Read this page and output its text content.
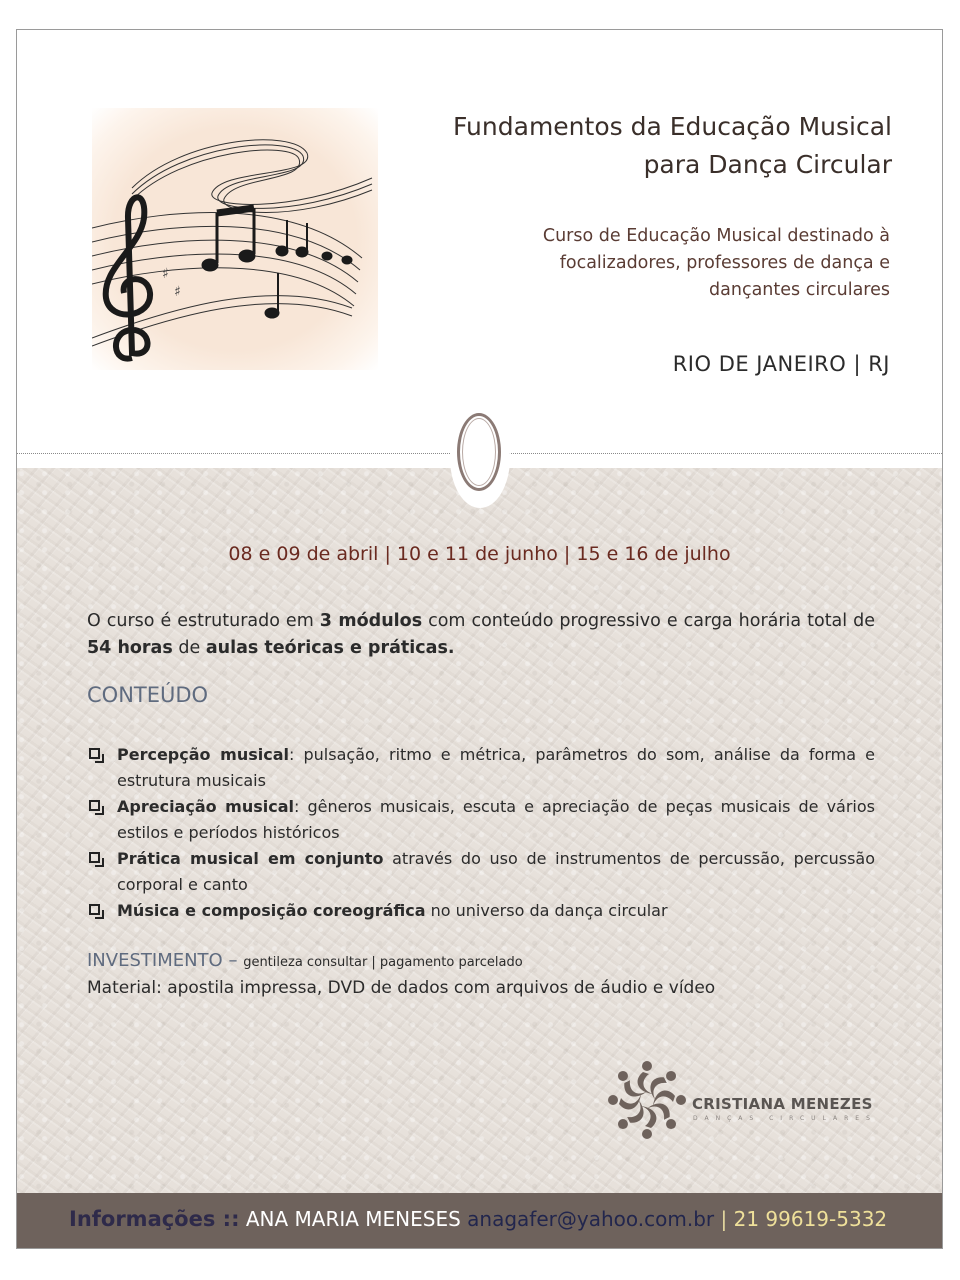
♯
♯
Fundamentos da Educação Musical
para Dança Circular
Curso de Educação Musical destinado à
focalizadores, professores de dança e
dançantes circulares
RIO DE JANEIRO | RJ
08 e 09 de abril | 10 e 11 de junho | 15 e 16 de julho
O curso é estruturado em 3 módulos com conteúdo progressivo e carga horária total de 54 horas de aulas teóricas e práticas.
CONTEÚDO
Percepção musical: pulsação, ritmo e métrica, parâmetros do som, análise da forma e estrutura musicais
Apreciação musical: gêneros musicais, escuta e apreciação de peças musicais de vários estilos e períodos históricos
Prática musical em conjunto através do uso de instrumentos de percussão, percussão corporal e canto
Música e composição coreográfica no universo da dança circular
INVESTIMENTO – gentileza consultar | pagamento parcelado
Material: apostila impressa, DVD de dados com arquivos de áudio e vídeo
CRISTIANA MENEZES
DANÇAS CIRCULARES
Informações :: ANA MARIA MENESES anagafer@yahoo.com.br | 21 99619-5332
